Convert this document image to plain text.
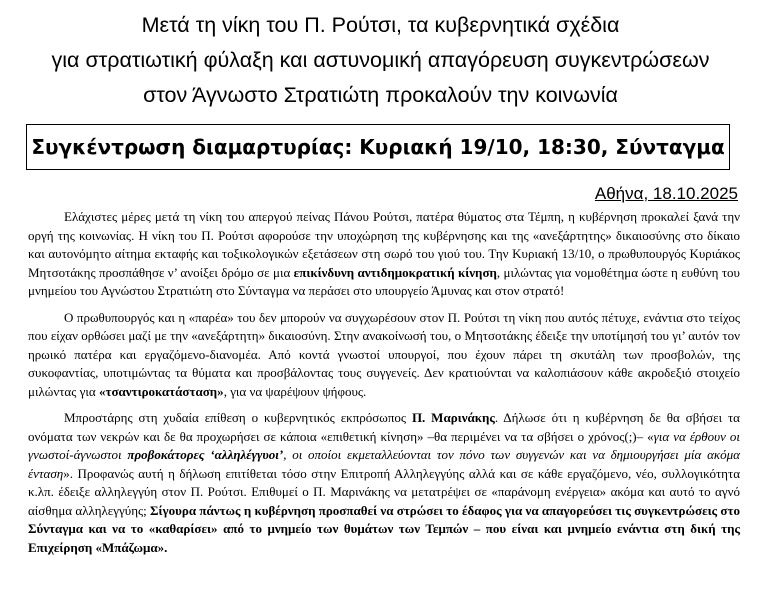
Μετά τη νίκη του Π. Ρούτσι, τα κυβερνητικά σχέδια
για στρατιωτική φύλαξη και αστυνομική απαγόρευση συγκεντρώσεων
στον Άγνωστο Στρατιώτη προκαλούν την κοινωνία
Συγκέντρωση διαμαρτυρίας: Κυριακή 19/10, 18:30, Σύνταγμα
Αθήνα, 18.10.2025

Ελάχιστες μέρες μετά τη νίκη του απεργού πείνας Πάνου Ρούτσι, πατέρα θύματος στα Τέμπη, η κυβέρνηση προκαλεί ξανά την οργή της κοινωνίας. Η νίκη του Π. Ρούτσι αφορούσε την υποχώρηση της κυβέρνησης και της «ανεξάρτητης» δικαιοσύνης στο δίκαιο και αυτονόμητο αίτημα εκταφής και τοξικολογικών εξετάσεων στη σωρό του γιού του. Την Κυριακή 13/10, ο πρωθυπουργός Κυριάκος Μητσοτάκης προσπάθησε ν’ ανοίξει δρόμο σε μια επικίνδυνη αντιδημοκρατική κίνηση, μιλώντας για νομοθέτημα ώστε η ευθύνη του μνημείου του Αγνώστου Στρατιώτη στο Σύνταγμα να περάσει στο υπουργείο Άμυνας και στον στρατό!

Ο πρωθυπουργός και η «παρέα» του δεν μπορούν να συγχωρέσουν στον Π. Ρούτσι τη νίκη που αυτός πέτυχε, ενάντια στο τείχος που είχαν ορθώσει μαζί με την «ανεξάρτητη» δικαιοσύνη. Στην ανακοίνωσή του, ο Μητσοτάκης έδειξε την υποτίμησή του γι’ αυτόν τον ηρωικό πατέρα και εργαζόμενο-διανομέα. Από κοντά γνωστοί υπουργοί, που έχουν πάρει τη σκυτάλη των προσβολών, της συκοφαντίας, υποτιμώντας τα θύματα και προσβάλοντας τους συγγενείς. Δεν κρατιούνται να καλοπιάσουν κάθε ακροδεξιό στοιχείο μιλώντας για «τσαντιροκατάσταση», για να ψαρέψουν ψήφους.

Μπροστάρης στη χυδαία επίθεση ο κυβερνητικός εκπρόσωπος Π. Μαρινάκης. Δήλωσε ότι η κυβέρνηση δε θα σβήσει τα ονόματα των νεκρών και δε θα προχωρήσει σε κάποια «επιθετική κίνηση» –θα περιμένει να τα σβήσει ο χρόνος(;)– «για να έρθουν οι γνωστοί-άγνωστοι προβοκάτορες ‘αλληλέγγυοι’, οι οποίοι εκμεταλλεύονται τον πόνο των συγγενών και να δημιουργήσει μία ακόμα ένταση». Προφανώς αυτή η δήλωση επιτίθεται τόσο στην Επιτροπή Αλληλεγγύης αλλά και σε κάθε εργαζόμενο, νέο, συλλογικότητα κ.λπ. έδειξε αλληλεγγύη στον Π. Ρούτσι. Επιθυμεί ο Π. Μαρινάκης να μετατρέψει σε «παράνομη ενέργεια» ακόμα και αυτό το αγνό αίσθημα αλληλεγγύης; Σίγουρα πάντως η κυβέρνηση προσπαθεί να στρώσει το έδαφος για να απαγορεύσει τις συγκεντρώσεις στο Σύνταγμα και να το «καθαρίσει» από το μνημείο των θυμάτων των Τεμπών – που είναι και μνημείο ενάντια στη δική της Επιχείρηση «Μπάζωμα».
